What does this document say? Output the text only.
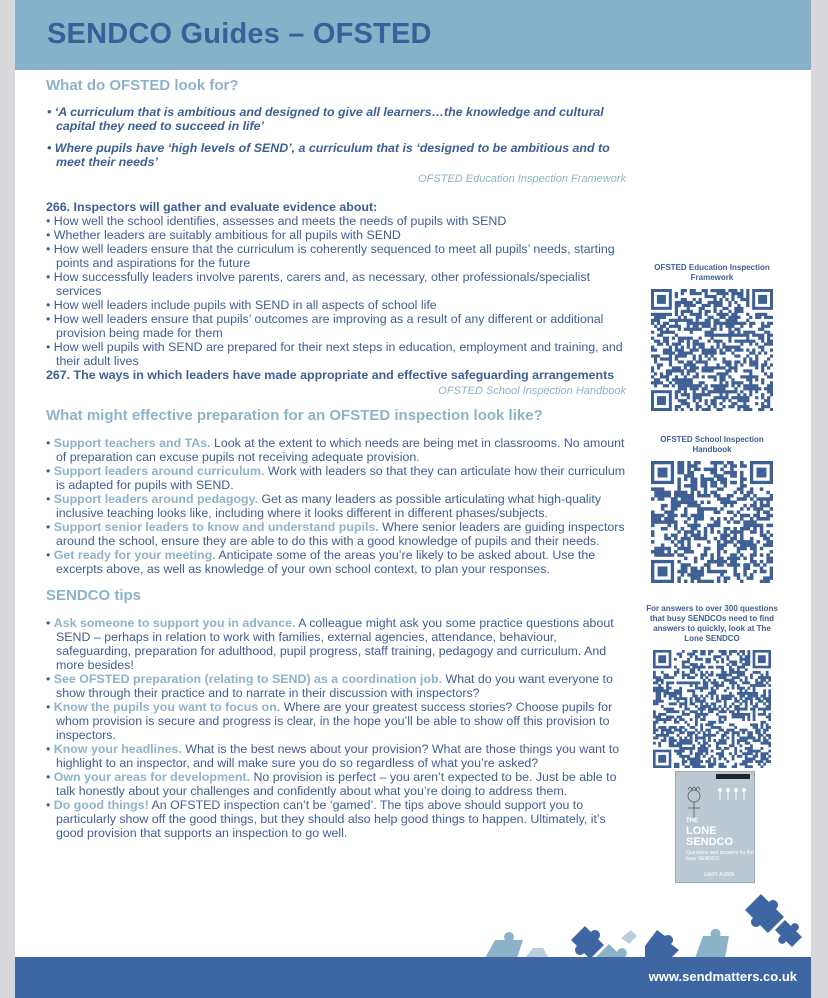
SENDCO Guides – OFSTED
What do OFSTED look for?

• ‘A curriculum that is ambitious and designed to give all learners…the knowledge and cultural capital they need to succeed in life’

• Where pupils have ‘high levels of SEND’, a curriculum that is ‘designed to be ambitious and to meet their needs’

OFSTED Education Inspection Framework

266. Inspectors will gather and evaluate evidence about:

• How well the school identifies, assesses and meets the needs of pupils with SEND
• Whether leaders are suitably ambitious for all pupils with SEND
• How well leaders ensure that the curriculum is coherently sequenced to meet all pupils’ needs, starting points and aspirations for the future
• How successfully leaders involve parents, carers and, as necessary, other professionals/specialist services
• How well leaders include pupils with SEND in all aspects of school life
• How well leaders ensure that pupils’ outcomes are improving as a result of any different or additional provision being made for them
• How well pupils with SEND are prepared for their next steps in education, employment and training, and their adult lives

267. The ways in which leaders have made appropriate and effective safeguarding arrangements

OFSTED School Inspection Handbook

What might effective preparation for an OFSTED inspection look like?
• Support teachers and TAs. Look at the extent to which needs are being met in classrooms. No amount of preparation can excuse pupils not receiving adequate provision.
• Support leaders around curriculum. Work with leaders so that they can articulate how their curriculum is adapted for pupils with SEND.
• Support leaders around pedagogy. Get as many leaders as possible articulating what high-quality inclusive teaching looks like, including where it looks different in different phases/subjects.
• Support senior leaders to know and understand pupils. Where senior leaders are guiding inspectors around the school, ensure they are able to do this with a good knowledge of pupils and their needs.
• Get ready for your meeting. Anticipate some of the areas you’re likely to be asked about. Use the excerpts above, as well as knowledge of your own school context, to plan your responses.
SENDCO tips
• Ask someone to support you in advance. A colleague might ask you some practice questions about SEND – perhaps in relation to work with families, external agencies, attendance, behaviour, safeguarding, preparation for adulthood, pupil progress, staff training, pedagogy and curriculum. And more besides!
• See OFSTED preparation (relating to SEND) as a coordination job. What do you want everyone to show through their practice and to narrate in their discussion with inspectors?
• Know the pupils you want to focus on. Where are your greatest success stories? Choose pupils for whom provision is secure and progress is clear, in the hope you’ll be able to show off this provision to inspectors.
• Know your headlines. What is the best news about your provision? What are those things you want to highlight to an inspector, and will make sure you do so regardless of what you’re asked?
• Own your areas for development. No provision is perfect – you aren’t expected to be. Just be able to talk honestly about your challenges and confidently about what you’re doing to address them.
• Do good things! An OFSTED inspection can’t be ‘gamed’. The tips above should support you to particularly show off the good things, but they should also help good things to happen. Ultimately, it’s good provision that supports an inspection to go well.
OFSTED Education Inspection Framework
OFSTED School Inspection Handbook
For answers to over 300 questions that busy SENDCOs need to find answers to quickly, look at The Lone SENDCO
THE
LONE SENDCO
Questions and answers for the busy SENDCO
GARY AUBIN
www.sendmatters.co.uk
